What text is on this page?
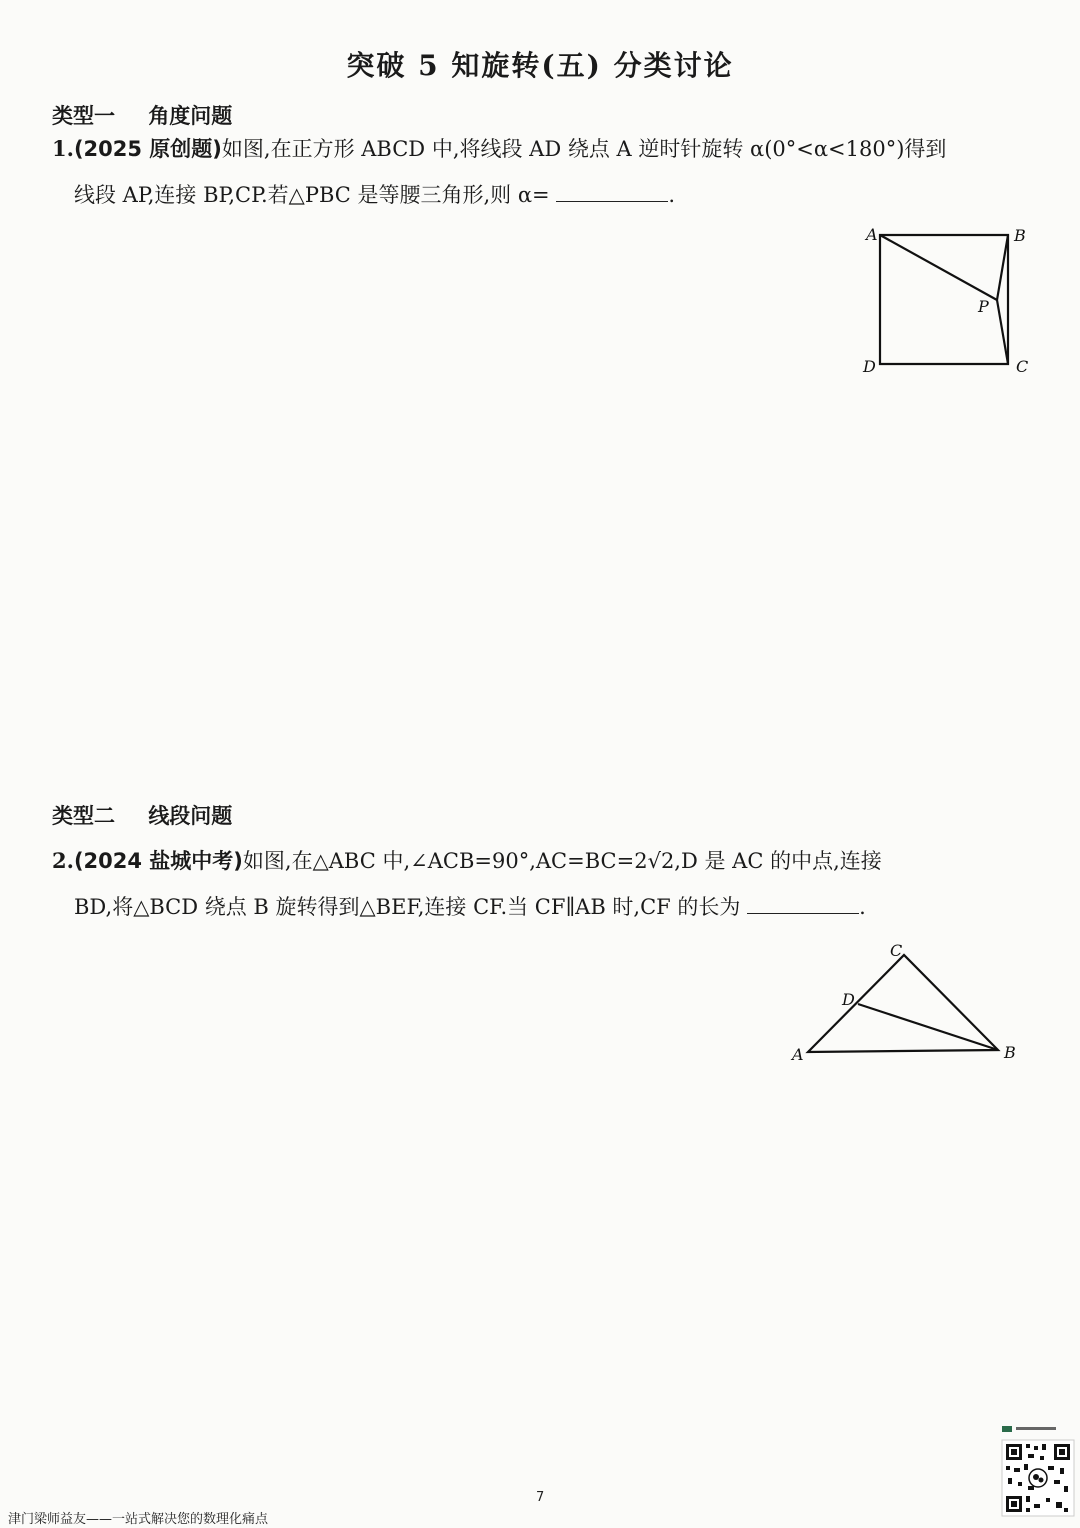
突破 5 知旋转(五) 分类讨论
类型一 角度问题
1.(2025 原创题)如图,在正方形 ABCD 中,将线段 AD 绕点 A 逆时针旋转 α(0°<α<180°)得到
线段 AP,连接 BP,CP.若△PBC 是等腰三角形,则 α=	.
A	B
P
D	C
类型二 线段问题
2.(2024 盐城中考)如图,在△ABC 中,∠ACB=90°,AC=BC=2√2,D 是 AC 的中点,连接
BD,将△BCD 绕点 B 旋转得到△BEF,连接 CF.当 CF∥AB 时,CF 的长为	.
A
C
D
B
7
津门梁师益友——一站式解决您的数理化痛点
